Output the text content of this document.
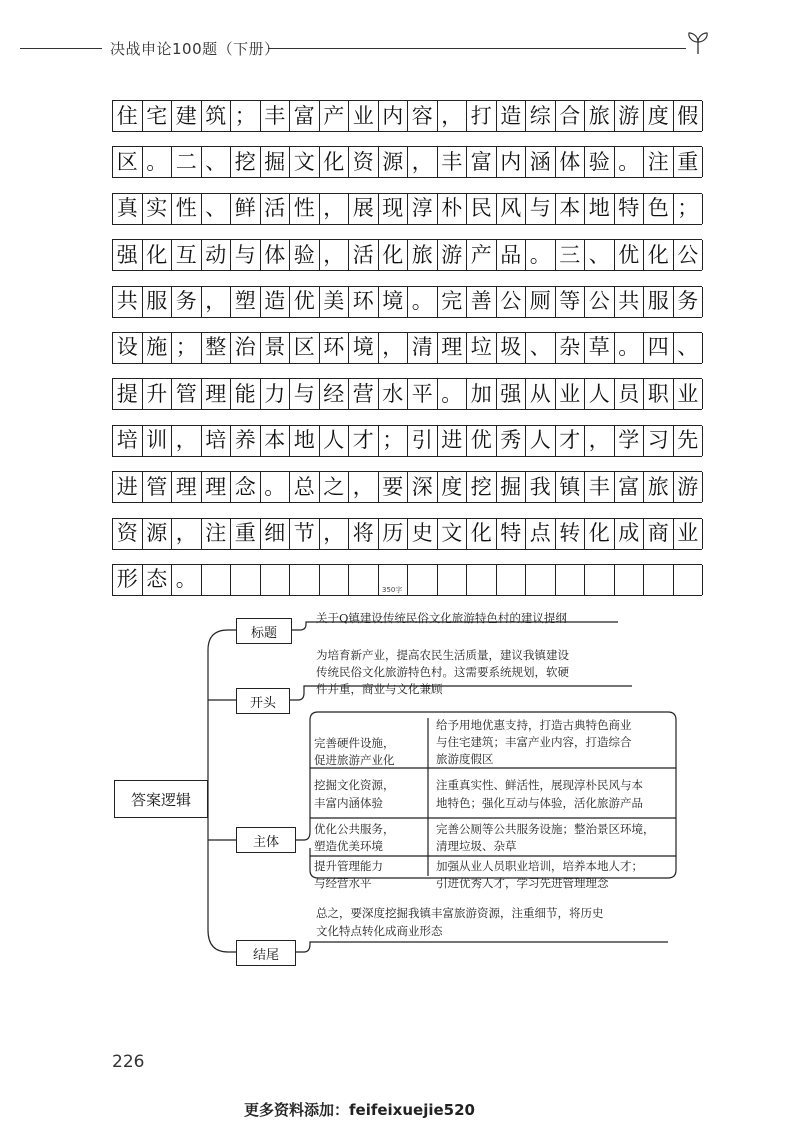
决战申论100题（下册）
住 宅 建 筑 ； 丰 富 产 业 内 容 ， 打 造 综 合 旅 游 度 假
区 。 二 、 挖 掘 文 化 资 源 ， 丰 富 内 涵 体 验 。 注 重
真 实 性 、 鲜 活 性 ， 展 现 淳 朴 民 风 与 本 地 特 色 ；
强 化 互 动 与 体 验 ， 活 化 旅 游 产 品 。 三 、 优 化 公
共 服 务 ， 塑 造 优 美 环 境 。 完 善 公 厕 等 公 共 服 务
设 施 ； 整 治 景 区 环 境 ， 清 理 垃 圾 、 杂 草 。 四 、
提 升 管 理 能 力 与 经 营 水 平 。 加 强 从 业 人 员 职 业
培 训 ， 培 养 本 地 人 才 ； 引 进 优 秀 人 才 ， 学 习 先
进 管 理 理 念 。 总 之 ， 要 深 度 挖 掘 我 镇 丰 富 旅 游
资 源 ， 注 重 细 节 ， 将 历 史 文 化 特 点 转 化 成 商 业
形 态 。	350字
答案逻辑
标题
关于Q镇建设传统民俗文化旅游特色村的建议提纲
开头
为培育新产业，提高农民生活质量，建议我镇建设
传统民俗文化旅游特色村。这需要系统规划，软硬
件并重，商业与文化兼顾
主体
完善硬件设施，
促进旅游产业化
给予用地优惠支持，打造古典特色商业
与住宅建筑；丰富产业内容，打造综合
旅游度假区
挖掘文化资源，
丰富内涵体验
注重真实性、鲜活性，展现淳朴民风与本
地特色；强化互动与体验，活化旅游产品
优化公共服务，
塑造优美环境
完善公厕等公共服务设施；整治景区环境，
清理垃圾、杂草
提升管理能力
与经营水平
加强从业人员职业培训，培养本地人才；
引进优秀人才，学习先进管理理念
结尾
总之，要深度挖掘我镇丰富旅游资源，注重细节，将历史
文化特点转化成商业形态
226
更多资料添加：feifeixuejie520
